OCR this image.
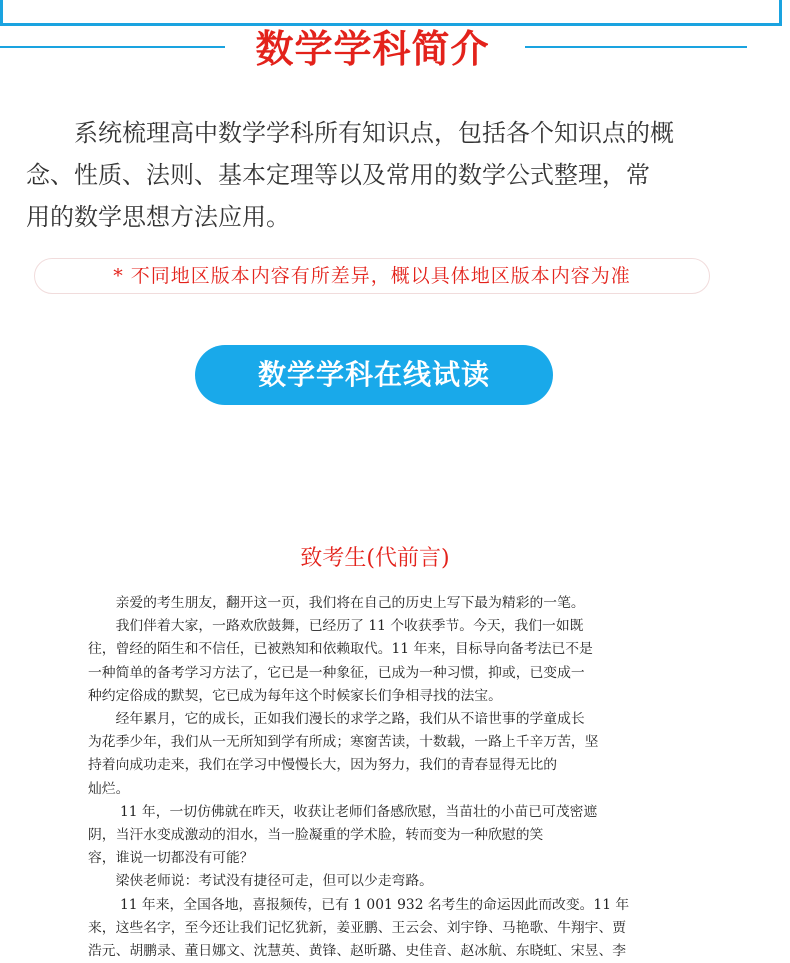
数学学科简介

　　系统梳理高中数学学科所有知识点，包括各个知识点的概
念、性质、法则、基本定理等以及常用的数学公式整理，常
用的数学思想方法应用。

* 不同地区版本内容有所差异，概以具体地区版本内容为准
数学学科在线试读
致考生(代前言)
　　亲爱的考生朋友，翻开这一页，我们将在自己的历史上写下最为精彩的一笔。
　　我们伴着大家，一路欢欣鼓舞，已经历了 11 个收获季节。今天，我们一如既
往，曾经的陌生和不信任，已被熟知和依赖取代。11 年来，目标导向备考法已不是
一种简单的备考学习方法了，它已是一种象征，已成为一种习惯，抑或，已变成一
种约定俗成的默契，它已成为每年这个时候家长们争相寻找的法宝。
　　经年累月，它的成长，正如我们漫长的求学之路，我们从不谙世事的学童成长
为花季少年，我们从一无所知到学有所成；寒窗苦读，十数载，一路上千辛万苦，坚
持着向成功走来，我们在学习中慢慢长大，因为努力，我们的青春显得无比的
灿烂。
　　 11 年，一切仿佛就在昨天，收获让老师们备感欣慰，当苗壮的小苗已可茂密遮
阴，当汗水变成激动的泪水，当一脸凝重的学术脸，转而变为一种欣慰的笑
容，谁说一切都没有可能？
　　梁侠老师说：考试没有捷径可走，但可以少走弯路。
　　 11 年来，全国各地，喜报频传，已有 1 001 932 名考生的命运因此而改变。11 年
来，这些名字，至今还让我们记忆犹新，姜亚鹏、王云会、刘宇铮、马艳歌、牛翔宇、贾
浩元、胡鹏录、董日娜文、沈慧英、黄锋、赵昕璐、史佳音、赵冰航、东晓虹、宋昱、李
